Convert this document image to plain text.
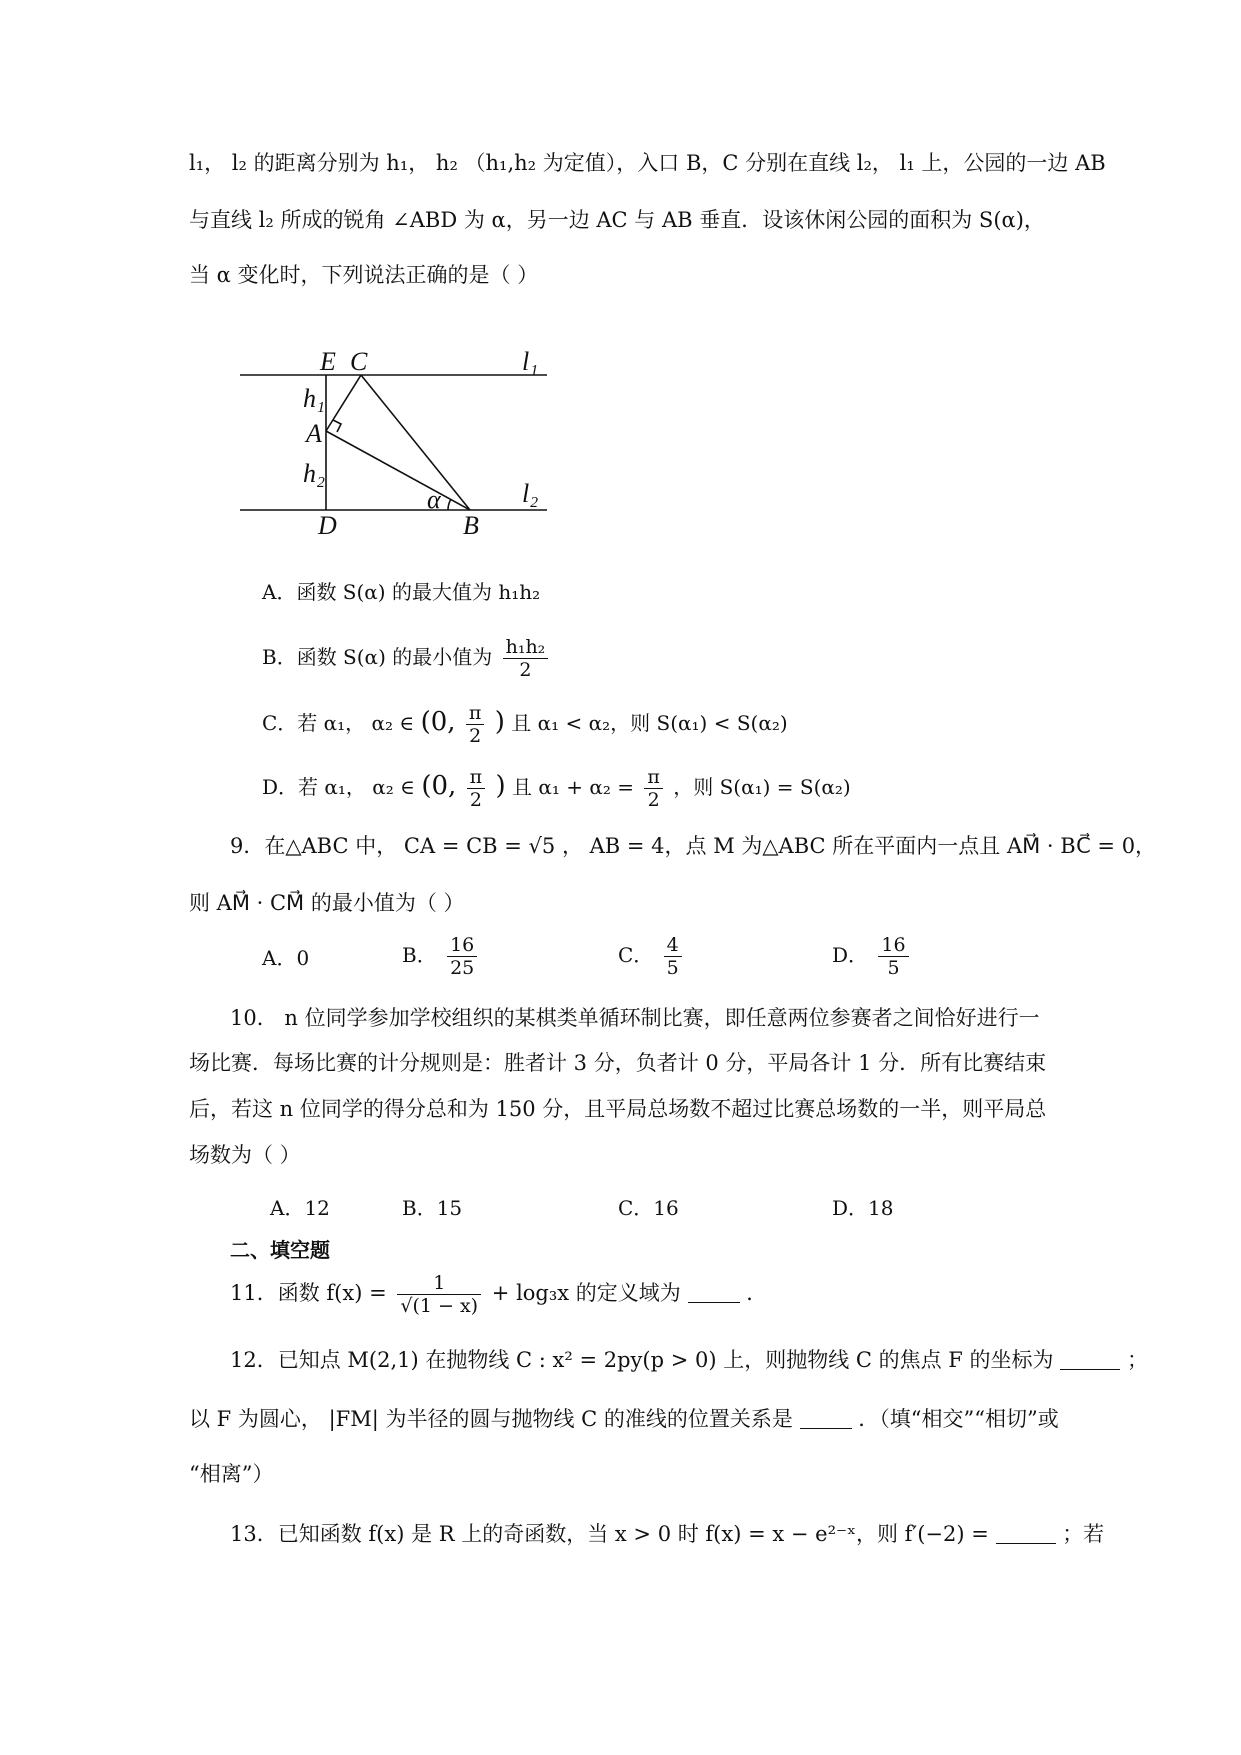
l₁， l₂ 的距离分别为 h₁， h₂ （h₁,h₂ 为定值），入口 B，C 分别在直线 l₂， l₁ 上，公园的一边 AB
与直线 l₂ 所成的锐角 ∠ABD 为 α，另一边 AC 与 AB 垂直．设该休闲公园的面积为 S(α)，
当 α 变化时，下列说法正确的是（ ）
E C	l₁
h₁
A
h₂
D
α
B
l₂
A．函数 S(α) 的最大值为 h₁h₂
B．函数 S(α) 的最小值为 $\frac{\text{h₁h₂}}{2}$
C．若 α₁， α₂ ∈ (0, $\frac{\pi}{2}$ ) 且 α₁ < α₂，则 S(α₁) < S(α₂)
D．若 α₁， α₂ ∈ (0, $\frac{\pi}{2}$ ) 且 $\alpha_1 + \alpha_2 = \frac{\pi}{2}$ ，则 S(α₁) = S(α₂)
9．在△ABC 中， CA = CB = √5 ， AB = 4，点 M 为△ABC 所在平面内一点且 AM⃗ · BC⃗ = 0，
则 AM⃗ · CM⃗ 的最小值为（ ）
A．0	B． $\frac{16}{25}$	C． $\frac{4}{5}$	D． $\frac{16}{5}$
10． n 位同学参加学校组织的某棋类单循环制比赛，即任意两位参赛者之间恰好进行一
场比赛．每场比赛的计分规则是：胜者计 3 分，负者计 0 分，平局各计 1 分．所有比赛结束
后，若这 n 位同学的得分总和为 150 分，且平局总场数不超过比赛总场数的一半，则平局总
场数为（ ）
A．12	B．15	C．16	D．18
二、填空题
11．函数 $f(x) = \frac{1}{√(1 - x)} + \log_3x$ 的定义域为	．
12．已知点 M(2,1) 在抛物线 C : x² = 2py(p > 0) 上，则抛物线 C 的焦点 F 的坐标为	；
以 F 为圆心， |FM| 为半径的圆与抛物线 C 的准线的位置关系是	．（填“相交”“相切”或
“相离”）
13．已知函数 f(x) 是 R 上的奇函数，当 x > 0 时 f(x) = x − e²⁻ˣ，则 f′(−2) =	；若
